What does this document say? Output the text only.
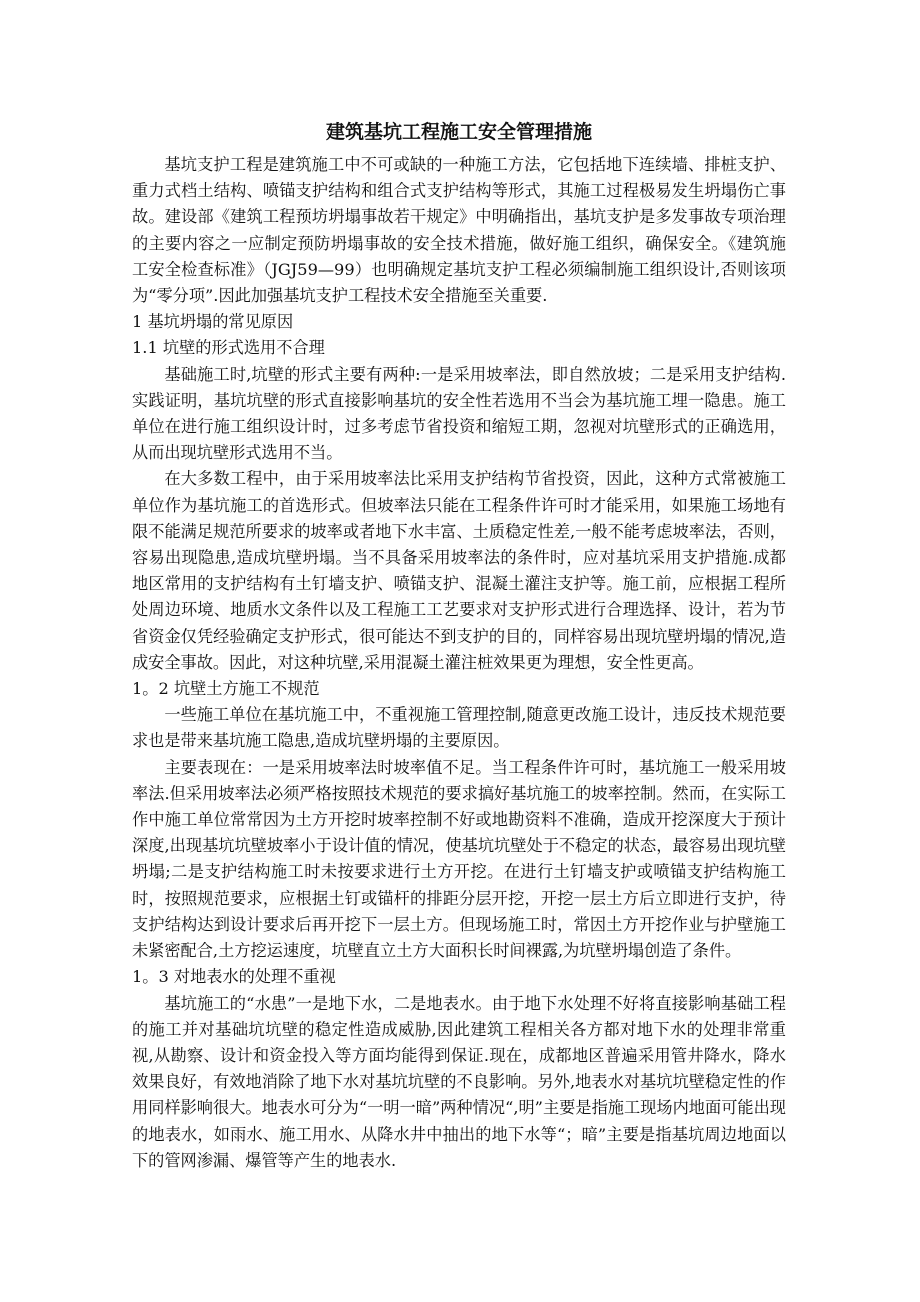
建筑基坑工程施工安全管理措施

基坑支护工程是建筑施工中不可或缺的一种施工方法，它包括地下连续墙、排桩支护、重力式档土结构、喷锚支护结构和组合式支护结构等形式，其施工过程极易发生坍塌伤亡事故。建设部《建筑工程预坊坍塌事故若干规定》中明确指出，基坑支护是多发事故专项治理的主要内容之一应制定预防坍塌事故的安全技术措施，做好施工组织，确保安全。《建筑施工安全检查标准》（JGJ59—99）也明确规定基坑支护工程必须编制施工组织设计,否则该项为“零分项”.因此加强基坑支护工程技术安全措施至关重要.

1 基坑坍塌的常见原因

1.1 坑壁的形式选用不合理

基础施工时,坑壁的形式主要有两种:一是采用坡率法，即自然放坡；二是采用支护结构.实践证明，基坑坑壁的形式直接影响基坑的安全性若选用不当会为基坑施工埋一隐患。施工单位在进行施工组织设计时，过多考虑节省投资和缩短工期，忽视对坑壁形式的正确选用，从而出现坑壁形式选用不当。

在大多数工程中，由于采用坡率法比采用支护结构节省投资，因此，这种方式常被施工单位作为基坑施工的首选形式。但坡率法只能在工程条件许可时才能采用，如果施工场地有限不能满足规范所要求的坡率或者地下水丰富、土质稳定性差,一般不能考虑坡率法，否则，容易出现隐患,造成坑壁坍塌。当不具备采用坡率法的条件时，应对基坑采用支护措施.成都地区常用的支护结构有土钉墙支护、喷锚支护、混凝土灌注支护等。施工前，应根据工程所处周边环境、地质水文条件以及工程施工工艺要求对支护形式进行合理选择、设计，若为节省资金仅凭经验确定支护形式，很可能达不到支护的目的，同样容易出现坑壁坍塌的情况,造成安全事故。因此，对这种坑壁,采用混凝土灌注桩效果更为理想，安全性更高。

1。2 坑壁土方施工不规范

一些施工单位在基坑施工中，不重视施工管理控制,随意更改施工设计，违反技术规范要求也是带来基坑施工隐患,造成坑壁坍塌的主要原因。

主要表现在：一是采用坡率法时坡率值不足。当工程条件许可时，基坑施工一般采用坡率法.但采用坡率法必须严格按照技术规范的要求搞好基坑施工的坡率控制。然而，在实际工作中施工单位常常因为土方开挖时坡率控制不好或地勘资料不准确，造成开挖深度大于预计深度,出现基坑坑壁坡率小于设计值的情况，使基坑坑壁处于不稳定的状态，最容易出现坑壁坍塌;二是支护结构施工时未按要求进行土方开挖。在进行土钉墙支护或喷锚支护结构施工时，按照规范要求，应根据土钉或锚杆的排距分层开挖，开挖一层土方后立即进行支护，待支护结构达到设计要求后再开挖下一层土方。但现场施工时，常因土方开挖作业与护壁施工未紧密配合,土方挖运速度，坑壁直立土方大面积长时间裸露,为坑壁坍塌创造了条件。

1。3 对地表水的处理不重视

基坑施工的“水患”一是地下水，二是地表水。由于地下水处理不好将直接影响基础工程的施工并对基础坑坑壁的稳定性造成威胁,因此建筑工程相关各方都对地下水的处理非常重视,从勘察、设计和资金投入等方面均能得到保证.现在，成都地区普遍采用管井降水，降水效果良好，有效地消除了地下水对基坑坑壁的不良影响。另外,地表水对基坑坑壁稳定性的作用同样影响很大。地表水可分为“一明一暗”两种情况“,明”主要是指施工现场内地面可能出现的地表水，如雨水、施工用水、从降水井中抽出的地下水等“；暗”主要是指基坑周边地面以下的管网渗漏、爆管等产生的地表水.
